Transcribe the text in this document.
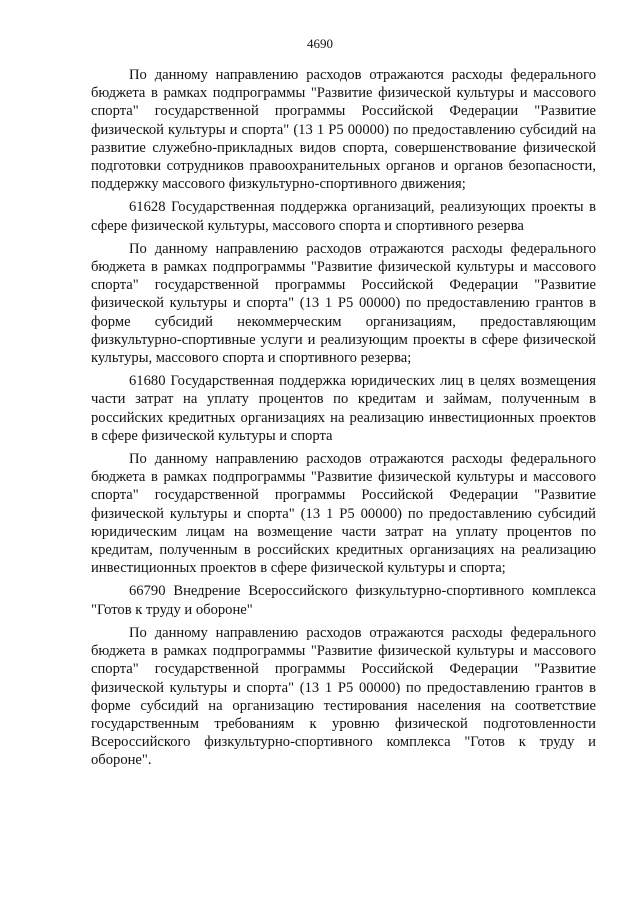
4690

По данному направлению расходов отражаются расходы федерального бюджета в рамках подпрограммы "Развитие физической культуры и массового спорта" государственной программы Российской Федерации "Развитие физической культуры и спорта" (13 1 P5 00000) по предоставлению субсидий на развитие служебно-прикладных видов спорта, совершенствование физической подготовки сотрудников правоохранительных органов и органов безопасности, поддержку массового физкультурно-спортивного движения;

61628 Государственная поддержка организаций, реализующих проекты в сфере физической культуры, массового спорта и спортивного резерва

По данному направлению расходов отражаются расходы федерального бюджета в рамках подпрограммы "Развитие физической культуры и массового спорта" государственной программы Российской Федерации "Развитие физической культуры и спорта" (13 1 P5 00000) по предоставлению грантов в форме субсидий некоммерческим организациям, предоставляющим физкультурно-спортивные услуги и реализующим проекты в сфере физической культуры, массового спорта и спортивного резерва;

61680 Государственная поддержка юридических лиц в целях возмещения части затрат на уплату процентов по кредитам и займам, полученным в российских кредитных организациях на реализацию инвестиционных проектов в сфере физической культуры и спорта

По данному направлению расходов отражаются расходы федерального бюджета в рамках подпрограммы "Развитие физической культуры и массового спорта" государственной программы Российской Федерации "Развитие физической культуры и спорта" (13 1 P5 00000) по предоставлению субсидий юридическим лицам на возмещение части затрат на уплату процентов по кредитам, полученным в российских кредитных организациях на реализацию инвестиционных проектов в сфере физической культуры и спорта;

66790 Внедрение Всероссийского физкультурно-спортивного комплекса "Готов к труду и обороне"

По данному направлению расходов отражаются расходы федерального бюджета в рамках подпрограммы "Развитие физической культуры и массового спорта" государственной программы Российской Федерации "Развитие физической культуры и спорта" (13 1 P5 00000) по предоставлению грантов в форме субсидий на организацию тестирования населения на соответствие государственным требованиям к уровню физической подготовленности Всероссийского физкультурно-спортивного комплекса "Готов к труду и обороне".
